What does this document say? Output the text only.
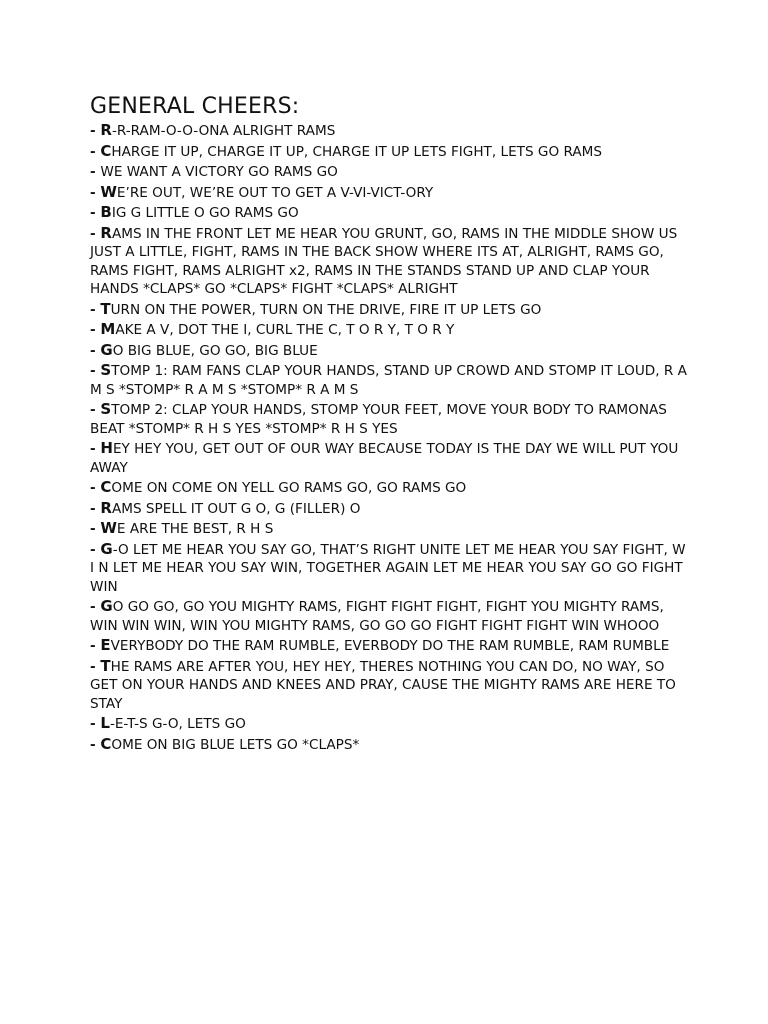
GENERAL CHEERS:
- R-R-RAM-O-O-ONA ALRIGHT RAMS
- CHARGE IT UP, CHARGE IT UP, CHARGE IT UP LETS FIGHT, LETS GO RAMS
- WE WANT A VICTORY GO RAMS GO
- WE’RE OUT, WE’RE OUT TO GET A V-VI-VICT-ORY
- BIG G LITTLE O GO RAMS GO
- RAMS IN THE FRONT LET ME HEAR YOU GRUNT, GO, RAMS IN THE MIDDLE SHOW US JUST A LITTLE, FIGHT, RAMS IN THE BACK SHOW WHERE ITS AT, ALRIGHT, RAMS GO, RAMS FIGHT, RAMS ALRIGHT x2, RAMS IN THE STANDS STAND UP AND CLAP YOUR HANDS *CLAPS* GO *CLAPS* FIGHT *CLAPS* ALRIGHT
- TURN ON THE POWER, TURN ON THE DRIVE, FIRE IT UP LETS GO
- MAKE A V, DOT THE I, CURL THE C, T O R Y, T O R Y
- GO BIG BLUE, GO GO, BIG BLUE
- STOMP 1: RAM FANS CLAP YOUR HANDS, STAND UP CROWD AND STOMP IT LOUD, R A M S *STOMP* R A M S *STOMP* R A M S
- STOMP 2: CLAP YOUR HANDS, STOMP YOUR FEET, MOVE YOUR BODY TO RAMONAS BEAT *STOMP* R H S YES *STOMP* R H S YES
- HEY HEY YOU, GET OUT OF OUR WAY BECAUSE TODAY IS THE DAY WE WILL PUT YOU AWAY
- COME ON COME ON YELL GO RAMS GO, GO RAMS GO
- RAMS SPELL IT OUT G O, G (FILLER) O
- WE ARE THE BEST, R H S
- G-O LET ME HEAR YOU SAY GO, THAT’S RIGHT UNITE LET ME HEAR YOU SAY FIGHT, W I N LET ME HEAR YOU SAY WIN, TOGETHER AGAIN LET ME HEAR YOU SAY GO GO FIGHT WIN
- GO GO GO, GO YOU MIGHTY RAMS, FIGHT FIGHT FIGHT, FIGHT YOU MIGHTY RAMS, WIN WIN WIN, WIN YOU MIGHTY RAMS, GO GO GO FIGHT FIGHT FIGHT WIN WHOOO
- EVERYBODY DO THE RAM RUMBLE, EVERBODY DO THE RAM RUMBLE, RAM RUMBLE
- THE RAMS ARE AFTER YOU, HEY HEY, THERES NOTHING YOU CAN DO, NO WAY, SO GET ON YOUR HANDS AND KNEES AND PRAY, CAUSE THE MIGHTY RAMS ARE HERE TO STAY
- L-E-T-S G-O, LETS GO
- COME ON BIG BLUE LETS GO *CLAPS*
